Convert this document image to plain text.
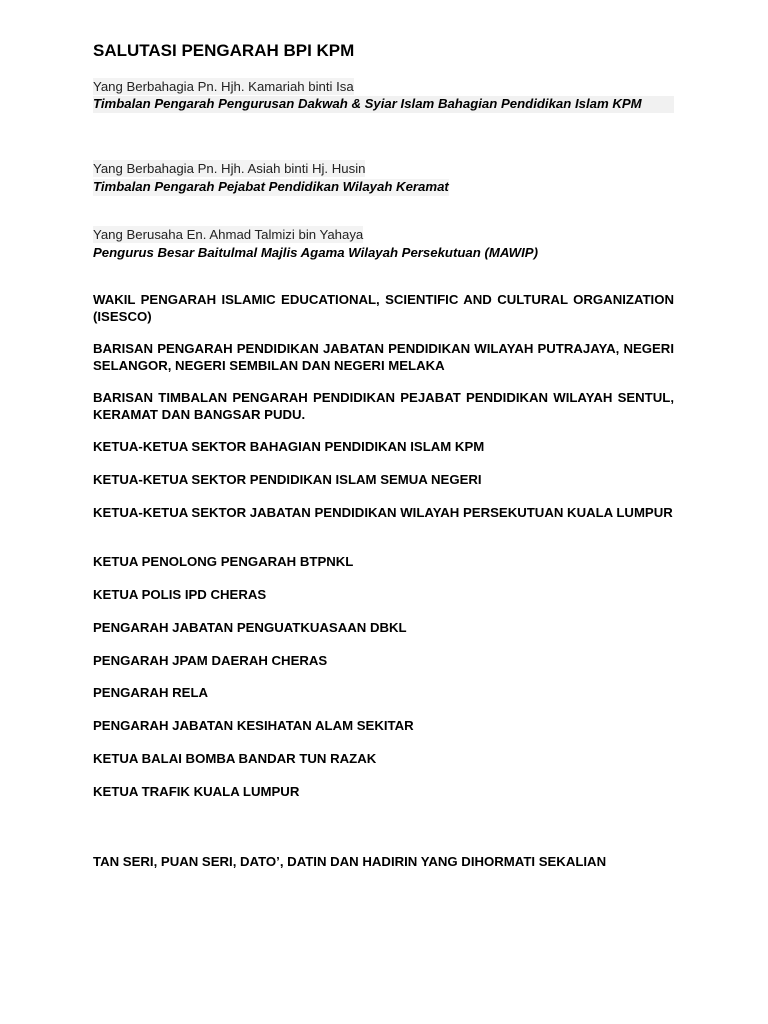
SALUTASI PENGARAH BPI KPM
Yang Berbahagia Pn. Hjh. Kamariah binti Isa
Timbalan Pengarah Pengurusan Dakwah & Syiar Islam Bahagian Pendidikan Islam KPM
Yang Berbahagia Pn. Hjh. Asiah binti Hj. Husin
Timbalan Pengarah Pejabat Pendidikan Wilayah Keramat
Yang Berusaha En. Ahmad Talmizi bin Yahaya
Pengurus Besar Baitulmal Majlis Agama Wilayah Persekutuan (MAWIP)
WAKIL PENGARAH ISLAMIC EDUCATIONAL, SCIENTIFIC AND CULTURAL ORGANIZATION (ISESCO)
BARISAN PENGARAH PENDIDIKAN JABATAN PENDIDIKAN WILAYAH PUTRAJAYA, NEGERI SELANGOR, NEGERI SEMBILAN DAN NEGERI MELAKA
BARISAN TIMBALAN PENGARAH PENDIDIKAN PEJABAT PENDIDIKAN WILAYAH SENTUL, KERAMAT DAN BANGSAR PUDU.
KETUA-KETUA SEKTOR BAHAGIAN PENDIDIKAN ISLAM KPM
KETUA-KETUA SEKTOR PENDIDIKAN ISLAM SEMUA NEGERI
KETUA-KETUA SEKTOR JABATAN PENDIDIKAN WILAYAH PERSEKUTUAN KUALA LUMPUR
KETUA PENOLONG PENGARAH BTPNKL
KETUA POLIS IPD CHERAS
PENGARAH JABATAN PENGUATKUASAAN DBKL
PENGARAH JPAM DAERAH CHERAS
PENGARAH RELA
PENGARAH JABATAN KESIHATAN ALAM SEKITAR
KETUA BALAI BOMBA BANDAR TUN RAZAK
KETUA TRAFIK KUALA LUMPUR
TAN SERI, PUAN SERI, DATO’, DATIN DAN HADIRIN YANG DIHORMATI SEKALIAN
